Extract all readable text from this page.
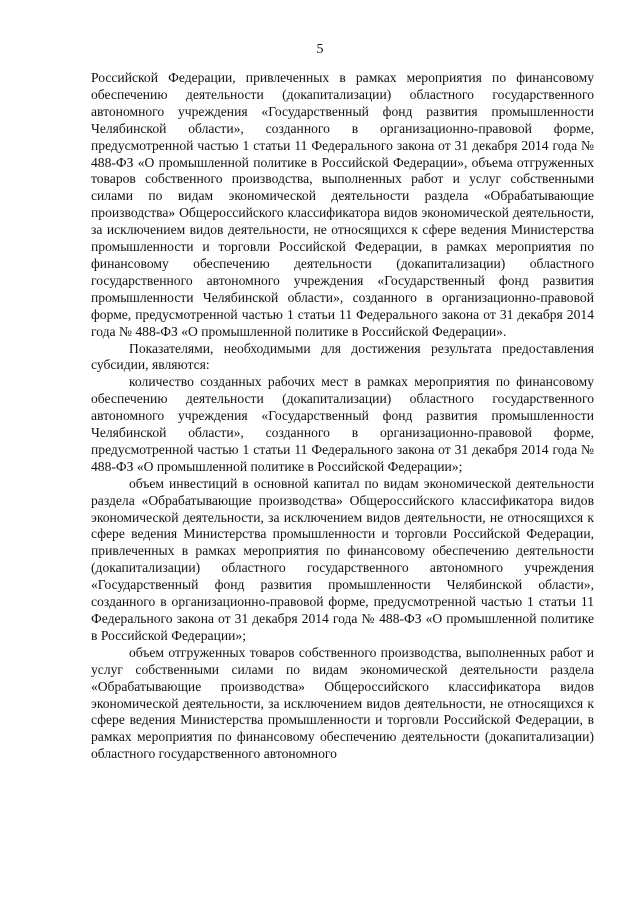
5

Российской Федерации, привлеченных в рамках мероприятия по финансовому обеспечению деятельности (докапитализации) областного государственного автономного учреждения «Государственный фонд развития промышленности Челябинской области», созданного в организационно-правовой форме, предусмотренной частью 1 статьи 11 Федерального закона от 31 декабря 2014 года № 488-ФЗ «О промышленной политике в Российской Федерации», объема отгруженных товаров собственного производства, выполненных работ и услуг собственными силами по видам экономической деятельности раздела «Обрабатывающие производства» Общероссийского классификатора видов экономической деятельности, за исключением видов деятельности, не относящихся к сфере ведения Министерства промышленности и торговли Российской Федерации, в рамках мероприятия по финансовому обеспечению деятельности (докапитализации) областного государственного автономного учреждения «Государственный фонд развития промышленности Челябинской области», созданного в организационно-правовой форме, предусмотренной частью 1 статьи 11 Федерального закона от 31 декабря 2014 года № 488-ФЗ «О промышленной политике в Российской Федерации».

Показателями, необходимыми для достижения результата предоставления субсидии, являются:

количество созданных рабочих мест в рамках мероприятия по финансовому обеспечению деятельности (докапитализации) областного государственного автономного учреждения «Государственный фонд развития промышленности Челябинской области», созданного в организационно-правовой форме, предусмотренной частью 1 статьи 11 Федерального закона от 31 декабря 2014 года № 488-ФЗ «О промышленной политике в Российской Федерации»;

объем инвестиций в основной капитал по видам экономической деятельности раздела «Обрабатывающие производства» Общероссийского классификатора видов экономической деятельности, за исключением видов деятельности, не относящихся к сфере ведения Министерства промышленности и торговли Российской Федерации, привлеченных в рамках мероприятия по финансовому обеспечению деятельности (докапитализации) областного государственного автономного учреждения «Государственный фонд развития промышленности Челябинской области», созданного в организационно-правовой форме, предусмотренной частью 1 статьи 11 Федерального закона от 31 декабря 2014 года № 488-ФЗ «О промышленной политике в Российской Федерации»;

объем отгруженных товаров собственного производства, выполненных работ и услуг собственными силами по видам экономической деятельности раздела «Обрабатывающие производства» Общероссийского классификатора видов экономической деятельности, за исключением видов деятельности, не относящихся к сфере ведения Министерства промышленности и торговли Российской Федерации, в рамках мероприятия по финансовому обеспечению деятельности (докапитализации) областного государственного автономного
